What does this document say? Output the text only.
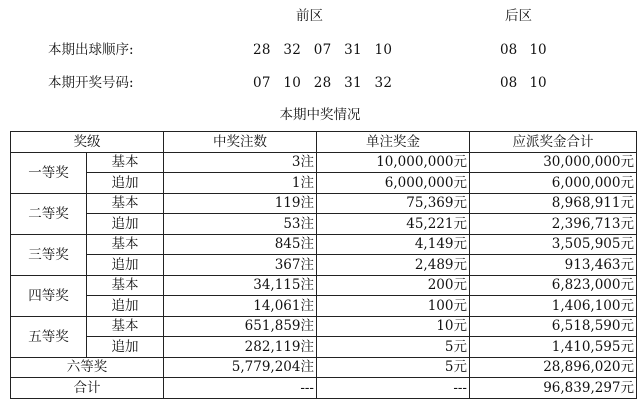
前区	后区
本期出球顺序:	28 32 07 31 10	08 10
本期开奖号码:	07 10 28 31 32	08 10
本期中奖情况
奖级		中奖注数	单注奖金	应派奖金合计
一等奖	基本	3注	10,000,000元	30,000,000元
	追加	1注	6,000,000元	6,000,000元
二等奖	基本	119注	75,369元	8,968,911元
	追加	53注	45,221元	2,396,713元
三等奖	基本	845注	4,149元	3,505,905元
	追加	367注	2,489元	913,463元
四等奖	基本	34,115注	200元	6,823,000元
	追加	14,061注	100元	1,406,100元
五等奖	基本	651,859注	10元	6,518,590元
	追加	282,119注	5元	1,410,595元
六等奖		5,779,204注	5元	28,896,020元
合计		---	---	96,839,297元
